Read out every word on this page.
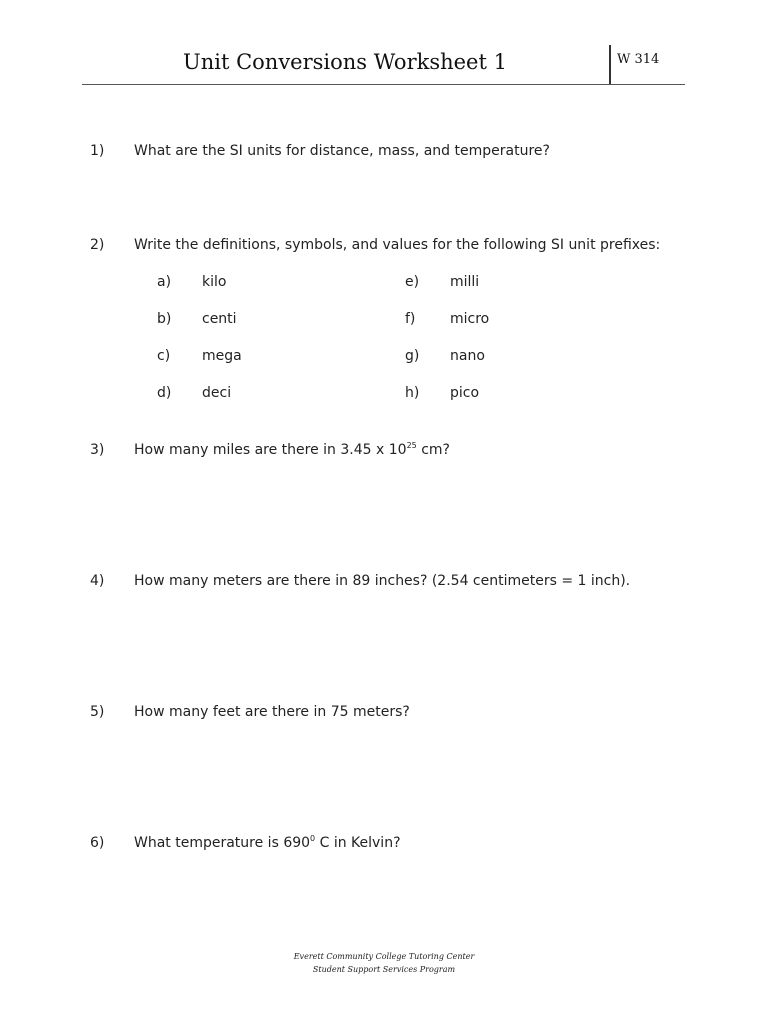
Unit Conversions Worksheet 1	W 314
1) What are the SI units for distance, mass, and temperature?
2) Write the definitions, symbols, and values for the following SI unit prefixes:
a) kilo
b) centi
c) mega
d) deci
e) milli
f) micro
g) nano
h) pico
3) How many miles are there in 3.45 x $10^{25}$ cm?
4) How many meters are there in 89 inches? (2.54 centimeters = 1 inch).
5) How many feet are there in 75 meters?
6) What temperature is $690^0$ C in Kelvin?
Everett Community College Tutoring Center
Student Support Services Program
